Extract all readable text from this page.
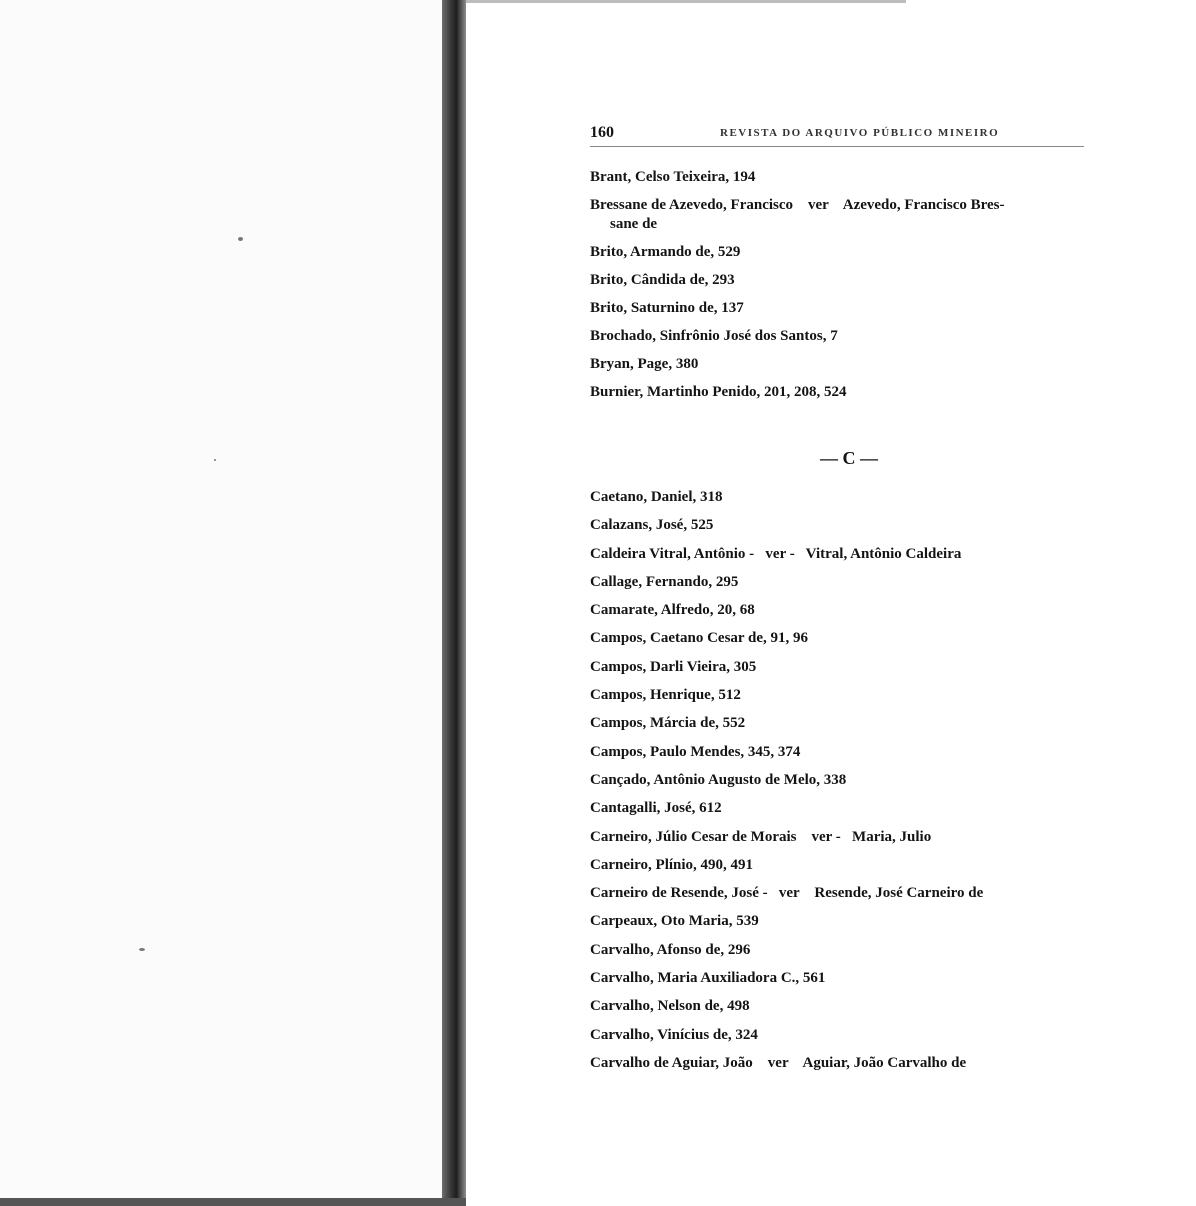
160	REVISTA DO ARQUIVO PÚBLICO MINEIRO
Brant, Celso Teixeira, 194
Bressane de Azevedo, Francisco    ver    Azevedo, Francisco Bres-
sane de
Brito, Armando de, 529
Brito, Cândida de, 293
Brito, Saturnino de, 137
Brochado, Sinfrônio José dos Santos, 7
Bryan, Page, 380
Burnier, Martinho Penido, 201, 208, 524
— C —
Caetano, Daniel, 318
Calazans, José, 525
Caldeira Vitral, Antônio -   ver -   Vitral, Antônio Caldeira
Callage, Fernando, 295
Camarate, Alfredo, 20, 68
Campos, Caetano Cesar de, 91, 96
Campos, Darli Vieira, 305
Campos, Henrique, 512
Campos, Márcia de, 552
Campos, Paulo Mendes, 345, 374
Cançado, Antônio Augusto de Melo, 338
Cantagalli, José, 612
Carneiro, Júlio Cesar de Morais    ver -   Maria, Julio
Carneiro, Plínio, 490, 491
Carneiro de Resende, José -   ver    Resende, José Carneiro de
Carpeaux, Oto Maria, 539
Carvalho, Afonso de, 296
Carvalho, Maria Auxiliadora C., 561
Carvalho, Nelson de, 498
Carvalho, Vinícius de, 324
Carvalho de Aguiar, João    ver    Aguiar, João Carvalho de
